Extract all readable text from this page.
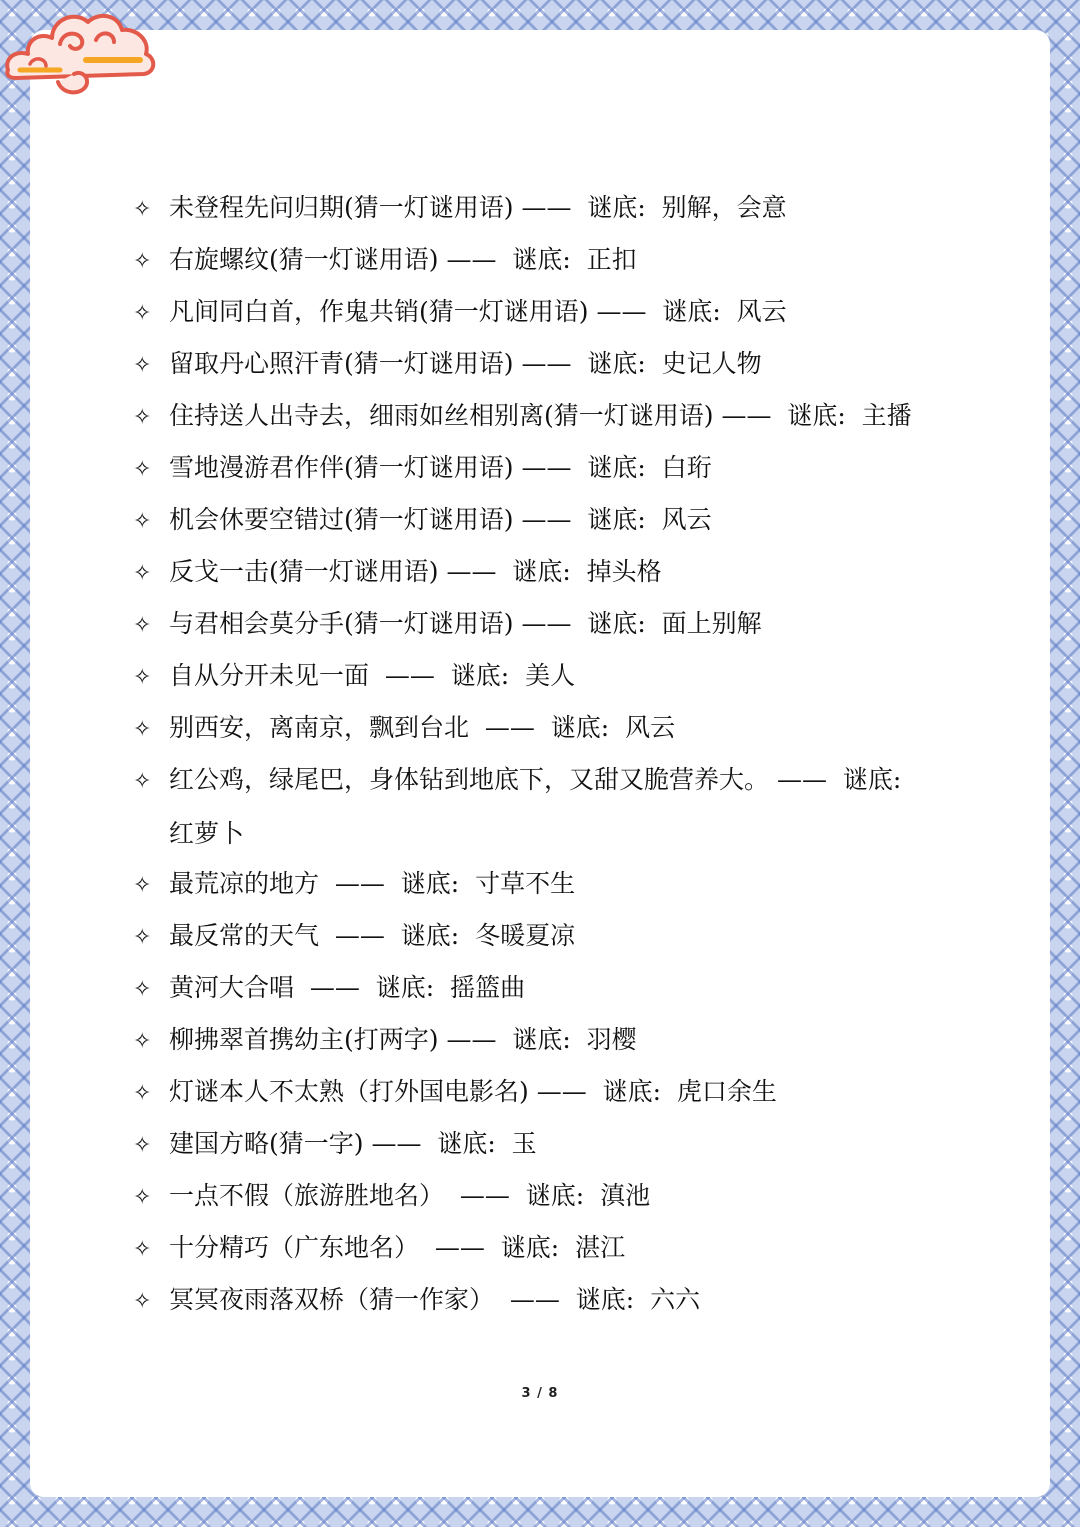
✧ 未登程先问归期(猜一灯谜用语) ——  谜底:  别解，会意
✧ 右旋螺纹(猜一灯谜用语) ——  谜底:  正扣
✧ 凡间同白首，作鬼共销(猜一灯谜用语) ——  谜底:  风云
✧ 留取丹心照汗青(猜一灯谜用语) ——  谜底:  史记人物
✧ 住持送人出寺去，细雨如丝相别离(猜一灯谜用语) ——  谜底:  主播
✧ 雪地漫游君作伴(猜一灯谜用语) ——  谜底:  白珩
✧ 机会休要空错过(猜一灯谜用语) ——  谜底:  风云
✧ 反戈一击(猜一灯谜用语) ——  谜底:  掉头格
✧ 与君相会莫分手(猜一灯谜用语) ——  谜底:  面上别解
✧ 自从分开未见一面  ——  谜底:  美人
✧ 别西安，离南京，飘到台北  ——  谜底:  风云
✧ 红公鸡，绿尾巴，身体钻到地底下，又甜又脆营养大。 ——  谜底:
红萝卜
✧ 最荒凉的地方  ——  谜底:  寸草不生
✧ 最反常的天气  ——  谜底:  冬暖夏凉
✧ 黄河大合唱  ——  谜底:  摇篮曲
✧ 柳拂翠首携幼主(打两字) ——  谜底:  羽樱
✧ 灯谜本人不太熟（打外国电影名) ——  谜底:  虎口余生
✧ 建国方略(猜一字) ——  谜底:  玉
✧ 一点不假（旅游胜地名）  ——  谜底:  滇池
✧ 十分精巧（广东地名）  ——  谜底:  湛江
✧ 冥冥夜雨落双桥（猜一作家）  ——  谜底:  六六
3 / 8
